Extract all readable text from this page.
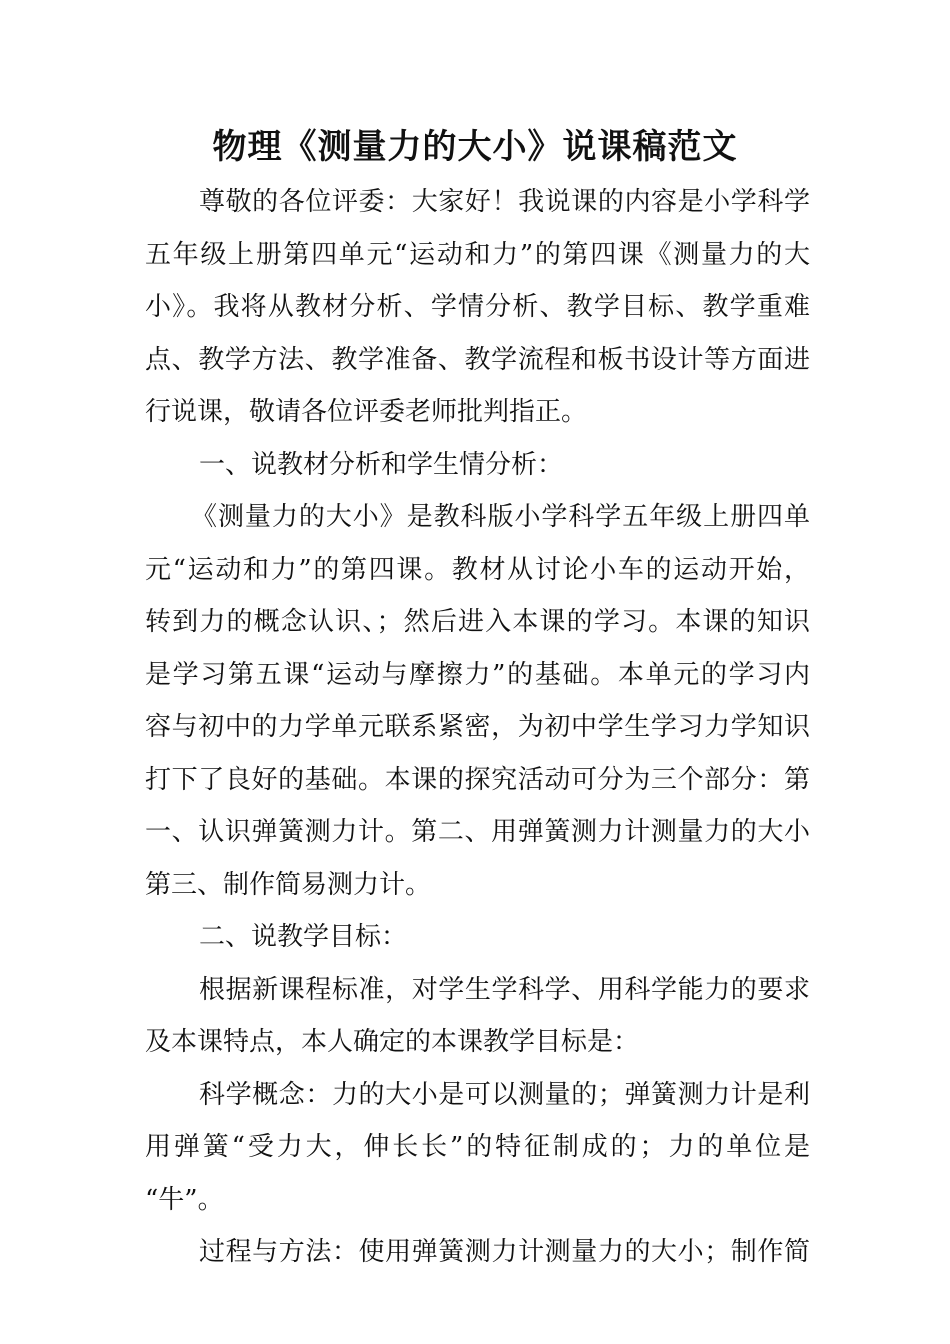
物理《测量力的大小》说课稿范文
尊敬的各位评委：大家好！我说课的内容是小学科学
五年级上册第四单元“运动和力”的第四课《测量力的大
小》。我将从教材分析、学情分析、教学目标、教学重难
点、教学方法、教学准备、教学流程和板书设计等方面进
行说课，敬请各位评委老师批判指正。
一、说教材分析和学生情分析：
《测量力的大小》是教科版小学科学五年级上册四单
元“运动和力”的第四课。教材从讨论小车的运动开始，
转到力的概念认识、；然后进入本课的学习。本课的知识
是学习第五课“运动与摩擦力”的基础。本单元的学习内
容与初中的力学单元联系紧密，为初中学生学习力学知识
打下了良好的基础。本课的探究活动可分为三个部分：第
一、认识弹簧测力计。第二、用弹簧测力计测量力的大小
第三、制作简易测力计。
二、说教学目标：
根据新课程标准，对学生学科学、用科学能力的要求
及本课特点，本人确定的本课教学目标是：
科学概念：力的大小是可以测量的；弹簧测力计是利
用弹簧“受力大，伸长长”的特征制成的；力的单位是
“牛”。
过程与方法：使用弹簧测力计测量力的大小；制作简
